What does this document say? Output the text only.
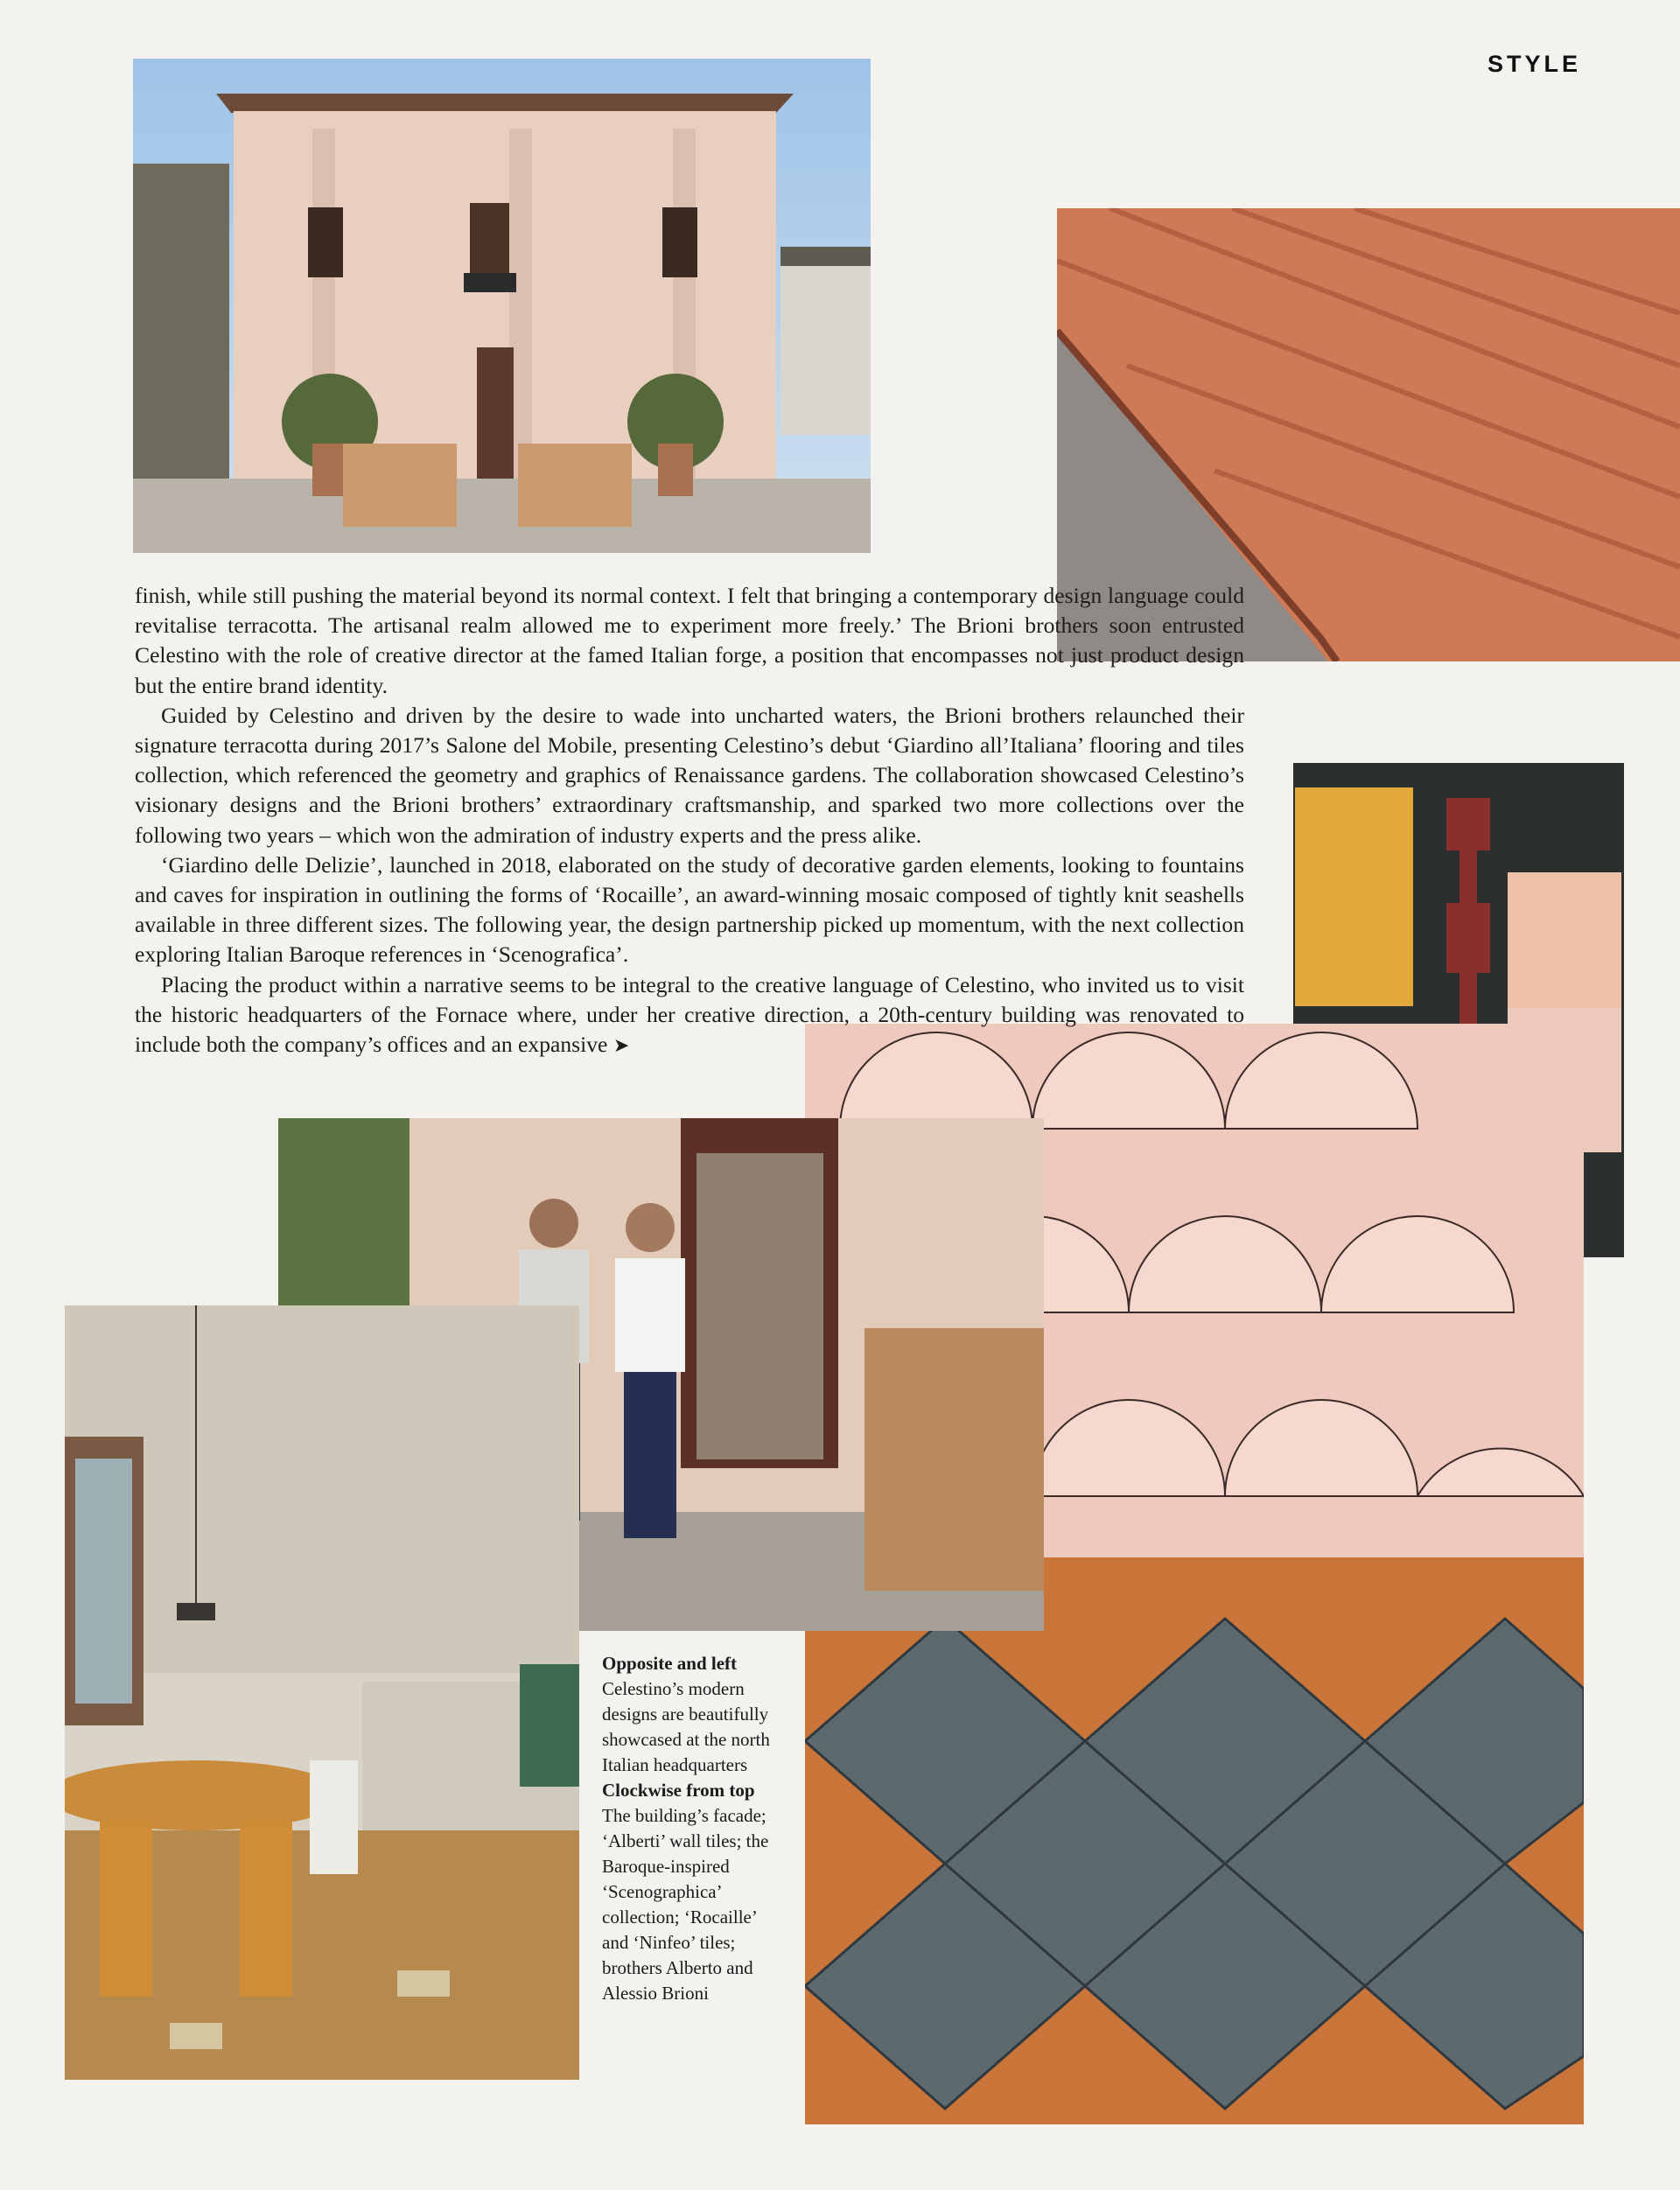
STYLE

finish, while still pushing the material beyond its normal context. I felt that bringing a contemporary design language could revitalise terracotta. The artisanal realm allowed me to experiment more freely.’ The Brioni brothers soon entrusted Celestino with the role of creative director at the famed Italian forge, a position that encompasses not just product design but the entire brand identity.

Guided by Celestino and driven by the desire to wade into uncharted waters, the Brioni brothers relaunched their signature terracotta during 2017’s Salone del Mobile, presenting Celestino’s debut ‘Giardino all’Italiana’ flooring and tiles collection, which referenced the geometry and graphics of Renaissance gardens. The collaboration showcased Celestino’s visionary designs and the Brioni brothers’ extraordinary craftsmanship, and sparked two more collections over the following two years – which won the admiration of industry experts and the press alike.

‘Giardino delle Delizie’, launched in 2018, elaborated on the study of decorative garden elements, looking to fountains and caves for inspiration in outlining the forms of ‘Rocaille’, an award-winning mosaic composed of tightly knit seashells available in three different sizes. The following year, the design partnership picked up momentum, with the next collection exploring Italian Baroque references in ‘Scenografica’.

Placing the product within a narrative seems to be integral to the creative language of Celestino, who invited us to visit the historic headquarters of the Fornace where, under her creative direction, a 20th-century building was renovated to include both the company’s offices and an expansive ➤

Opposite and left Celestino’s modern designs are beautifully showcased at the north Italian headquarters
Clockwise from top The building’s facade; ‘Alberti’ wall tiles; the Baroque-inspired ‘Scenographica’ collection; ‘Rocaille’ and ‘Ninfeo’ tiles; brothers Alberto and Alessio Brioni
